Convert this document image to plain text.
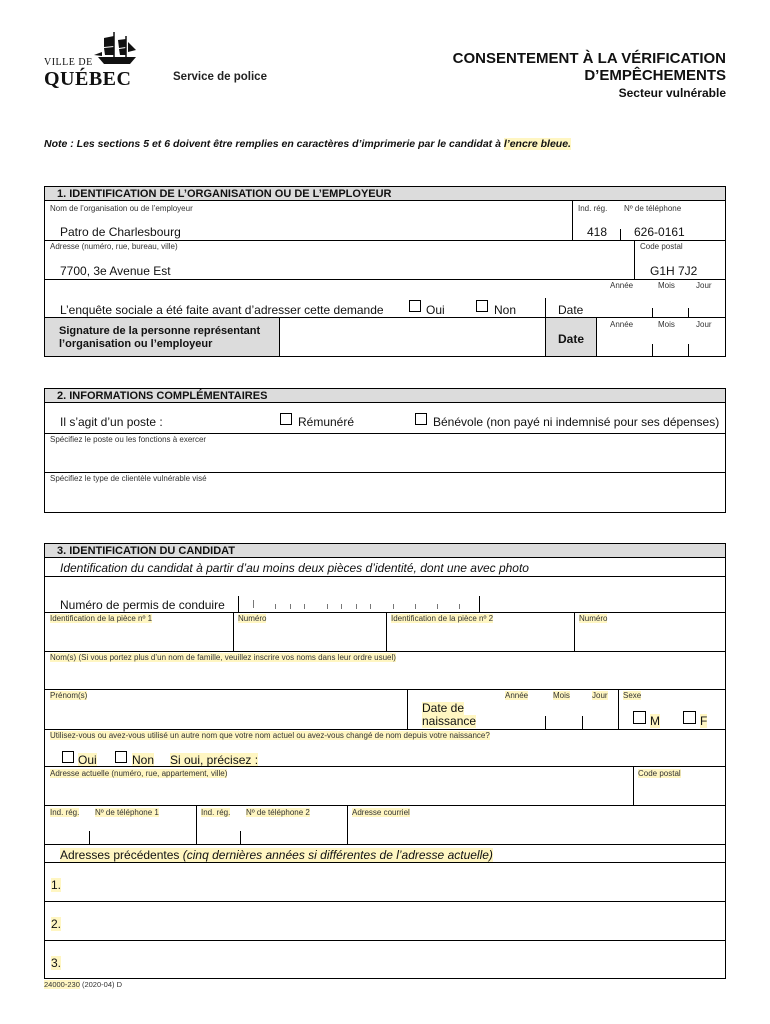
VILLE DE
QUÉBEC	Service de police
CONSENTEMENT À LA VÉRIFICATION
D’EMPÊCHEMENTS
Secteur vulnérable
Note : Les sections 5 et 6 doivent être remplies en caractères d’imprimerie par le candidat à l’encre bleue.
1. IDENTIFICATION DE L’ORGANISATION OU DE L’EMPLOYEUR
Nom de l’organisation ou de l’employeur	Ind. rég. Nº de téléphone
Patro de Charlesbourg	418 626-0161
Adresse (numéro, rue, bureau, ville)	Code postal
7700, 3e Avenue Est	G1H 7J2
Année	Mois	Jour
L’enquête sociale a été faite avant d’adresser cette demande	Oui	Non	Date
Signature de la personne représentant l’organisation ou l’employeur	Date
Année	Mois	Jour
2. INFORMATIONS COMPLÉMENTAIRES
Il s’agit d’un poste :	Rémunéré	Bénévole (non payé ni indemnisé pour ses dépenses)
Spécifiez le poste ou les fonctions à exercer
Spécifiez le type de clientèle vulnérable visé
3. IDENTIFICATION DU CANDIDAT
Identification du candidat à partir d’au moins deux pièces d’identité, dont une avec photo
Numéro de permis de conduire
Identification de la pièce nº 1	Numéro	Identification de la pièce nº 2	Numéro
Nom(s) (Si vous portez plus d’un nom de famille, veuillez inscrire vos noms dans leur ordre usuel)
Prénom(s)
Date de
naissance
Année	Mois	Jour Sexe
M	F
Utilisez-vous ou avez-vous utilisé un autre nom que votre nom actuel ou avez-vous changé de nom depuis votre naissance?
Oui	Non Si oui, précisez :
Adresse actuelle (numéro, rue, appartement, ville)	Code postal
Ind. rég. Nº de téléphone 1	Ind. rég. Nº de téléphone 2	Adresse courriel
Adresses précédentes (cinq dernières années si différentes de l’adresse actuelle)
1.
2.
3.
24000-230 (2020-04) D
